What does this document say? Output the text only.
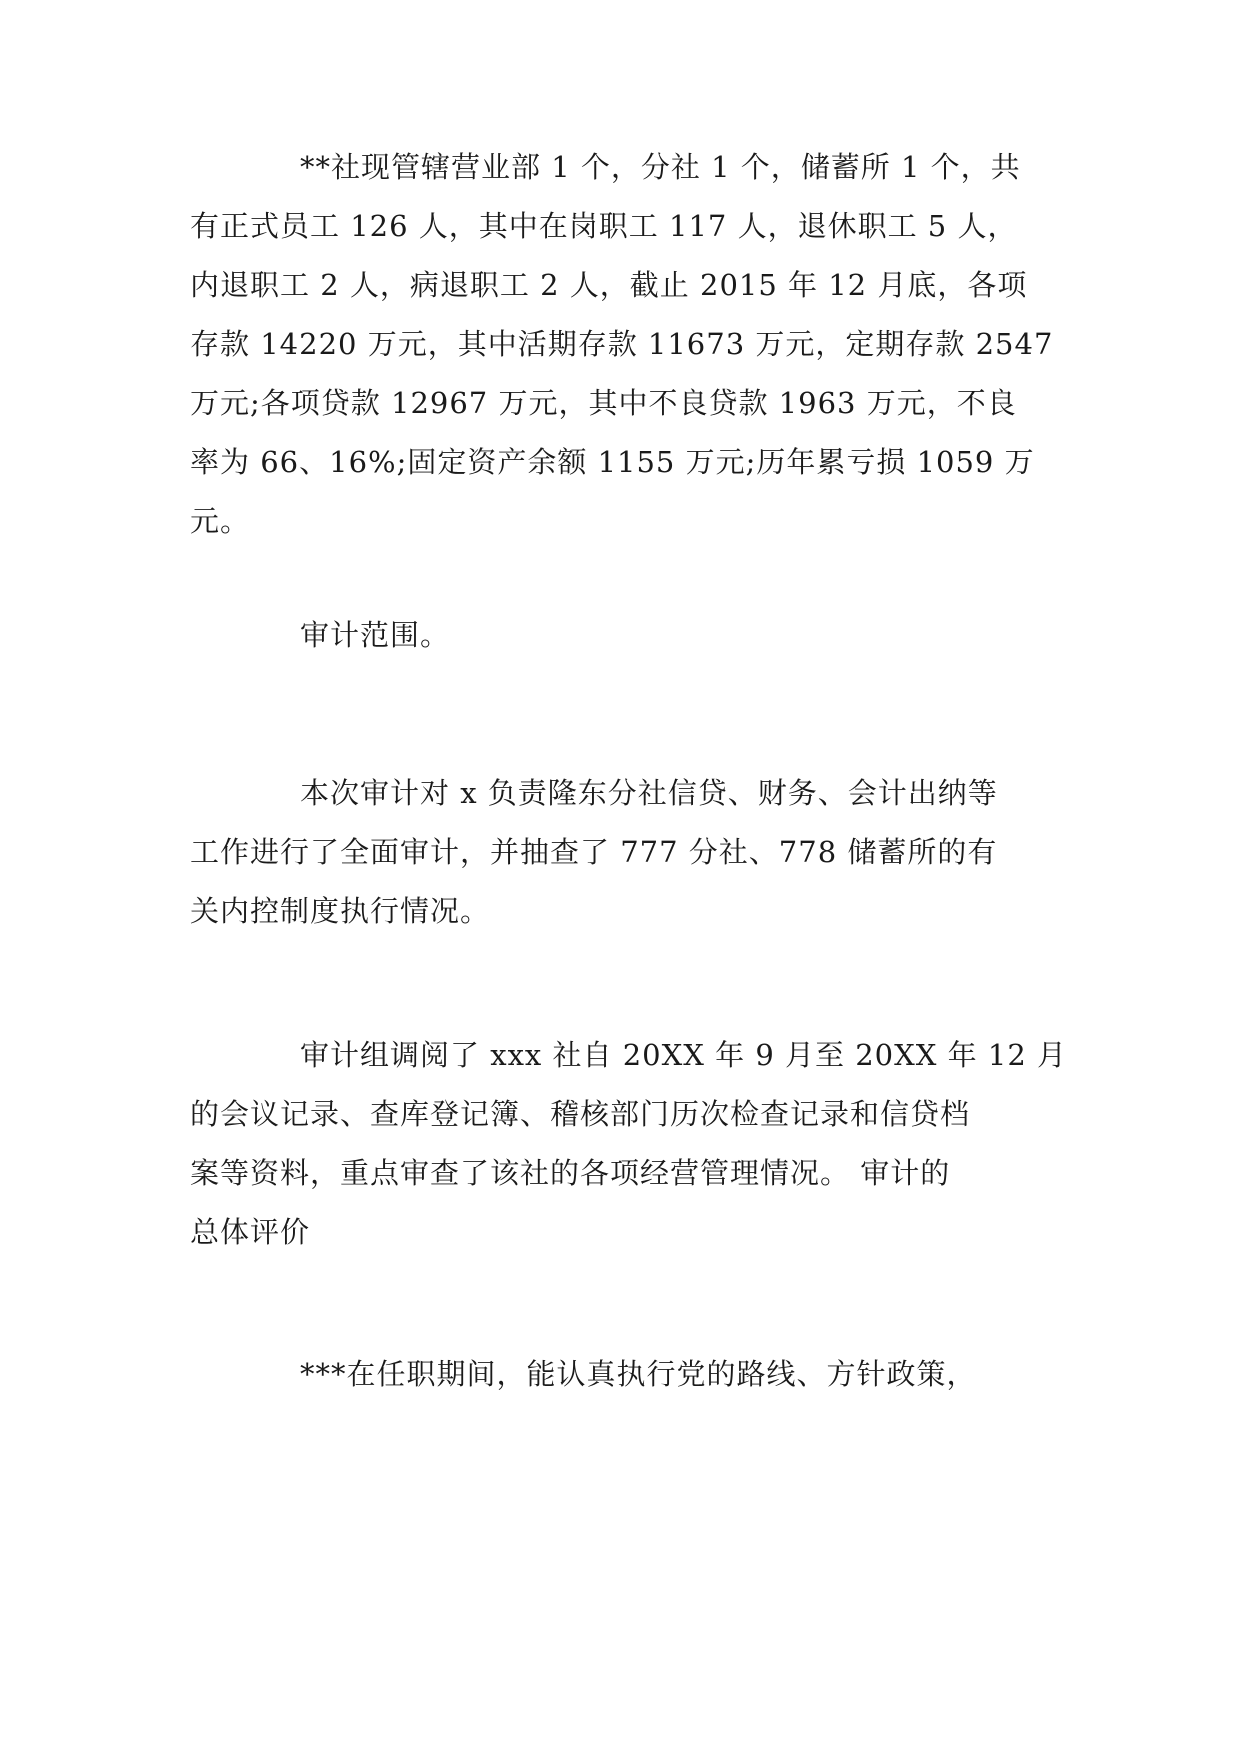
**社现管辖营业部 1 个，分社 1 个，储蓄所 1 个，共
有正式员工 126 人，其中在岗职工 117 人，退休职工 5 人，
内退职工 2 人，病退职工 2 人，截止 2015 年 12 月底，各项
存款 14220 万元，其中活期存款 11673 万元，定期存款 2547
万元;各项贷款 12967 万元，其中不良贷款 1963 万元，不良
率为 66、16%;固定资产余额 1155 万元;历年累亏损 1059 万
元。
审计范围。
本次审计对 x 负责隆东分社信贷、财务、会计出纳等
工作进行了全面审计，并抽查了 777 分社、778 储蓄所的有
关内控制度执行情况。
审计组调阅了 xxx 社自 20XX 年 9 月至 20XX 年 12 月
的会议记录、查库登记簿、稽核部门历次检查记录和信贷档
案等资料，重点审查了该社的各项经营管理情况。 审计的
总体评价
***在任职期间，能认真执行党的路线、方针政策，
